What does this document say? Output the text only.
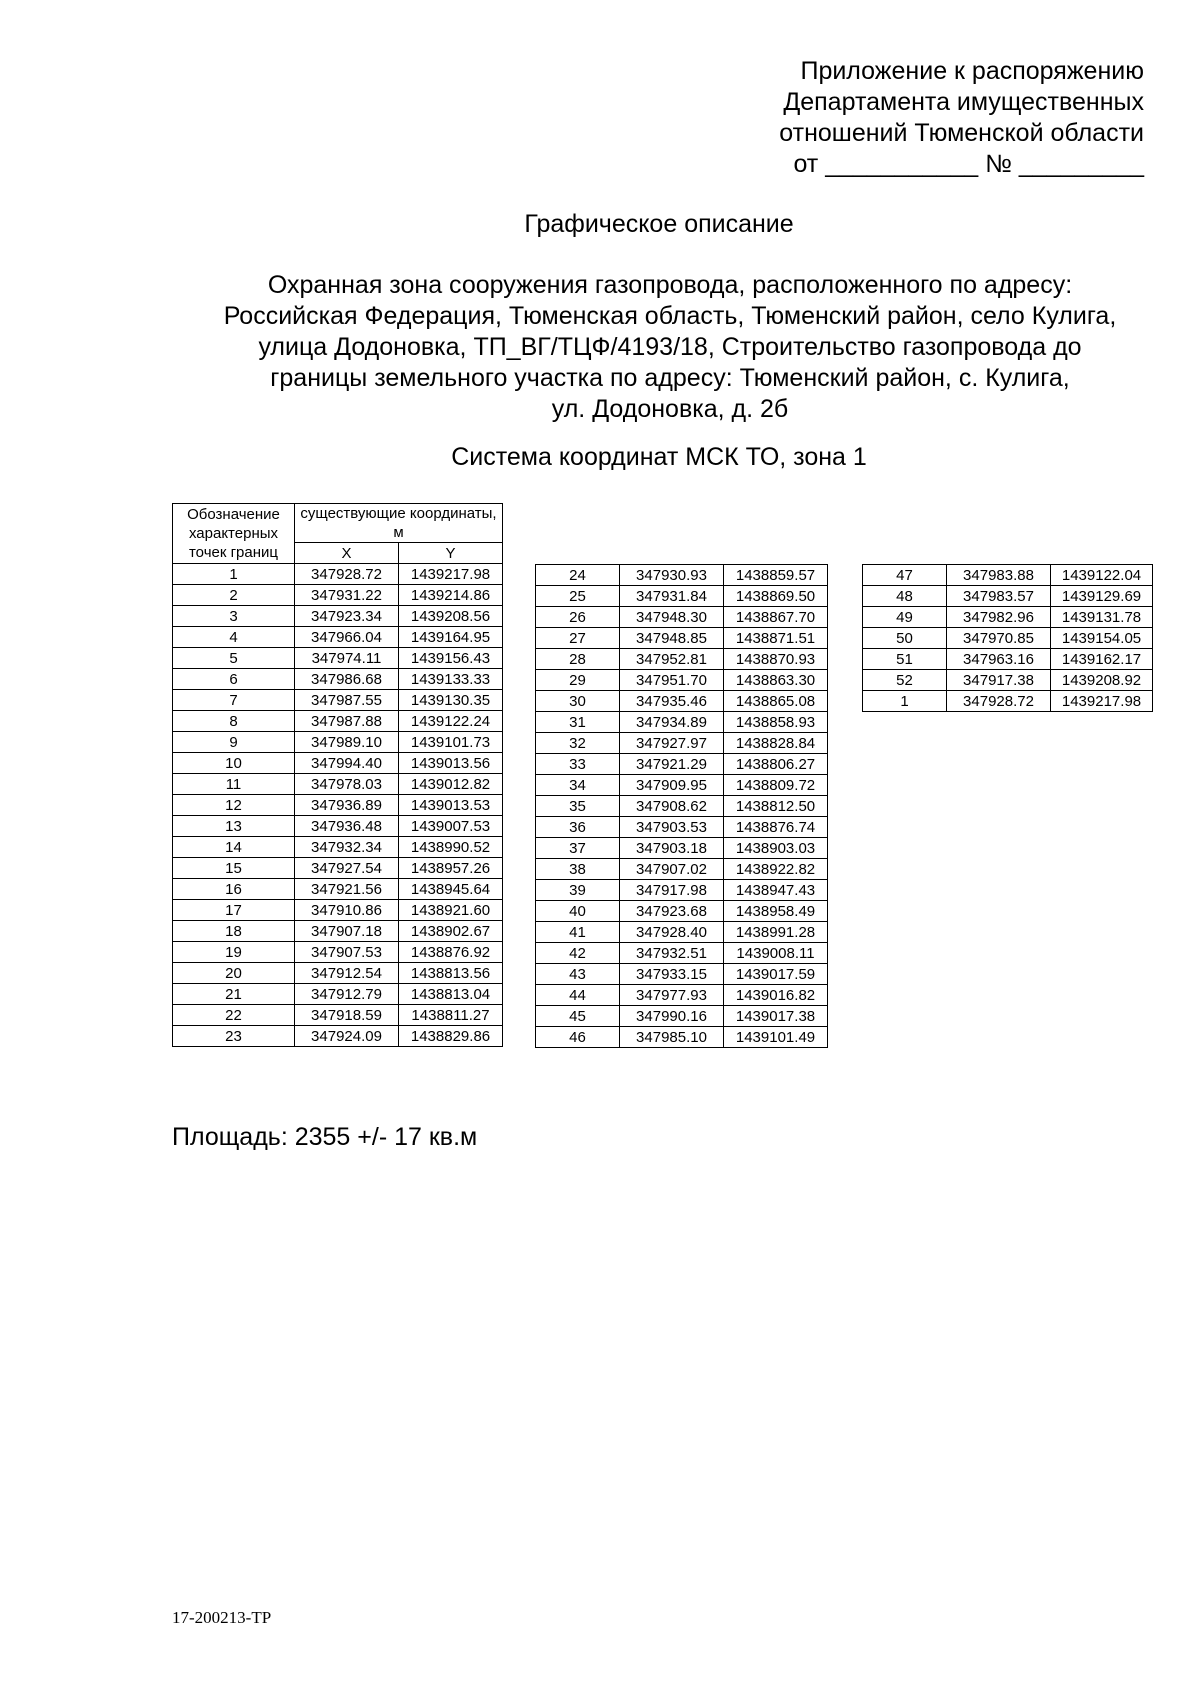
Приложение к распоряжению
Департамента имущественных
отношений Тюменской области
от ___________ № _________
Графическое описание
Охранная зона сооружения газопровода, расположенного по адресу:
Российская Федерация, Тюменская область, Тюменский район, село Кулига,
улица Додоновка, ТП_ВГ/ТЦФ/4193/18, Строительство газопровода до
границы земельного участка по адресу: Тюменский район, с. Кулига,
ул. Додоновка, д. 2б
Система координат МСК ТО, зона 1
Обозначение характерных точек границ	существующие координаты, м	
	X	Y
1	347928.72	1439217.98
2	347931.22	1439214.86
3	347923.34	1439208.56
4	347966.04	1439164.95
5	347974.11	1439156.43
6	347986.68	1439133.33
7	347987.55	1439130.35
8	347987.88	1439122.24
9	347989.10	1439101.73
10	347994.40	1439013.56
11	347978.03	1439012.82
12	347936.89	1439013.53
13	347936.48	1439007.53
14	347932.34	1438990.52
15	347927.54	1438957.26
16	347921.56	1438945.64
17	347910.86	1438921.60
18	347907.18	1438902.67
19	347907.53	1438876.92
20	347912.54	1438813.56
21	347912.79	1438813.04
22	347918.59	1438811.27
23	347924.09	1438829.86
24	347930.93	1438859.57
25	347931.84	1438869.50
26	347948.30	1438867.70
27	347948.85	1438871.51
28	347952.81	1438870.93
29	347951.70	1438863.30
30	347935.46	1438865.08
31	347934.89	1438858.93
32	347927.97	1438828.84
33	347921.29	1438806.27
34	347909.95	1438809.72
35	347908.62	1438812.50
36	347903.53	1438876.74
37	347903.18	1438903.03
38	347907.02	1438922.82
39	347917.98	1438947.43
40	347923.68	1438958.49
41	347928.40	1438991.28
42	347932.51	1439008.11
43	347933.15	1439017.59
44	347977.93	1439016.82
45	347990.16	1439017.38
46	347985.10	1439101.49
47	347983.88	1439122.04
48	347983.57	1439129.69
49	347982.96	1439131.78
50	347970.85	1439154.05
51	347963.16	1439162.17
52	347917.38	1439208.92
1	347928.72	1439217.98
Площадь: 2355 +/- 17 кв.м
17-200213-ТР
